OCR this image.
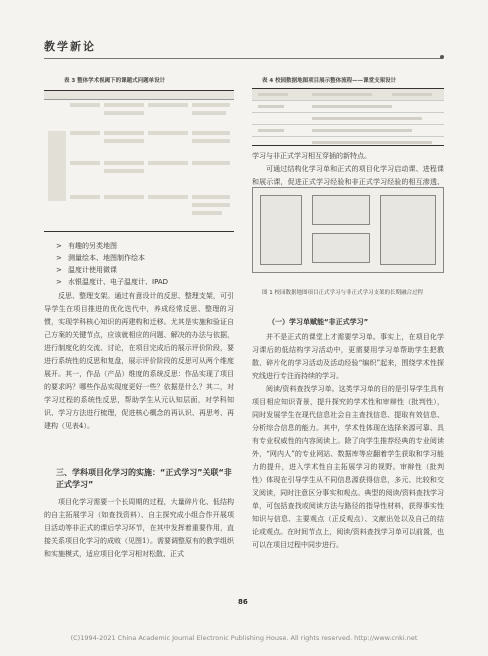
教学新论
表 3 整体学术视阈下的课题式问题单设计	表 4 校园数据地图项目展示整体流程——课堂支架设计

学习与非正式学习相互穿插的新特点。

可通过结构化学习单和正式的项目化学习启动课、进程课和展示课，促进正式学习经验和非正式学习经验的相互渗透、

图 1 校园数据地图项目正式学习与非正式学习支架的长期融合过程
> 有趣的另类地图
> 测量绘本、地图制作绘本
> 温度计使用微课
> 水银温度计、电子温度计、IPAD

反思、整理支架。通过有意设计的反思、整理支架，可引导学生在项目推进的优化迭代中，养成经常反思、整理的习惯，实现学科核心知识的再建构和迁移。尤其是实施和验证自己方案的关键节点，应该就相应的问题、解决的办法与依据，进行制度化的交流、讨论，在项目完成后的展示评价阶段，要进行系统性的反思和复盘，展示评价阶段的反思可从两个维度展开。其一，作品（产品）维度的系统反思：作品实现了项目的要求吗？哪些作品实现度更好一些？依据是什么？其二，对学习过程的系统性反思，帮助学生从元认知层面，对学科知识、学习方法进行梳理，促进核心概念的再认识、再思考、再建构（见表4）。

三、学科项目化学习的实施：“正式学习”关联“非正式学习”

项目化学习需要一个长周期的过程，大量碎片化、低结构的自主拓展学习（如查找资料）、自主探究成小组合作开展项目活动等非正式的课后学习环节，在其中发挥着重要作用，直接关系项目化学习的成败（见图1）。需要调整原有的教学组织和实施模式，适应项目化学习相对松散、正式

（一）学习单赋能“非正式学习”

并不是正式的课堂上才需要学习单。事实上，在项目化学习课后的低结构学习活动中，更需要用学习单帮助学生把教散、碎片化的学习活动及活动经验“编织”起来，围绕学术性探究线进行专注而持续的学习。

阅读/资料查找学习单。这类学习单的目的是引导学生具有项目相应知识背景，提升探究的学术性和审辩性（批判性），同时发展学生在现代信息社会自主查找信息、提取有效信息、分析综合信息的能力。其中，学术性体现在选择来源可靠、具有专业权威性的内容阅读上。除了向学生推荐经典的专业阅读外，“网内人”的专业网站、数据库等应翻着学生获取和学习能力的提升，进入学术性自主拓展学习的视野。审辩性（批判性）体现在引导学生从不同信息源获得信息，多元、比较和交叉阅读，同时注意区分事实和观点。典型的阅读/资料查找学习单，可包括查找或阅读方法与路径的指导性材料，获得事实性知识与信息、主要观点（正反观点）、文献出处以及自己的结论或观点。在时间节点上，阅读/资料查找学习单可以前置，也可以在项目过程中同步进行。

86
(C)1994-2021 China Academic Journal Electronic Publishing House. All rights reserved. http://www.cnki.net
